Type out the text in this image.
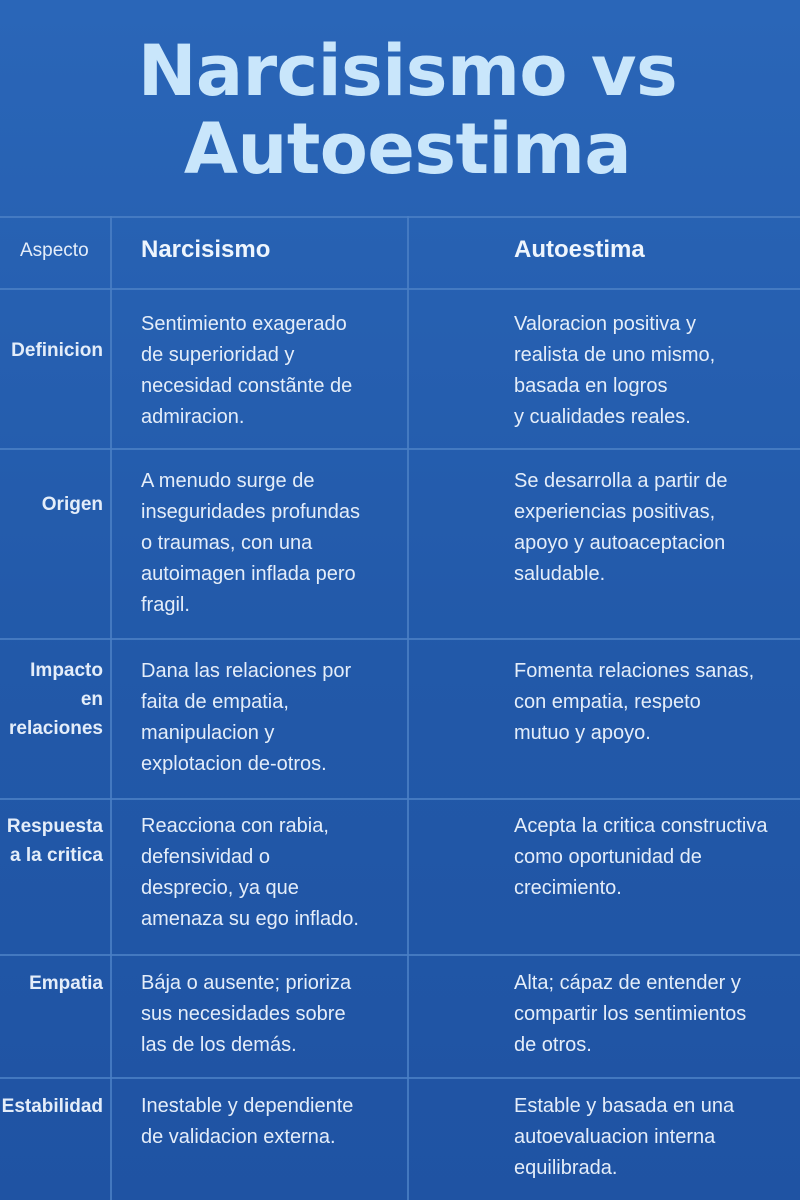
Narcisismo vs
Autoestima
Aspecto Narcisismo	Autoestima
Definicion
Sentimiento exagerado
de superioridad y
necesidad constãnte de
admiracion.
Valoracion positiva y
realista de uno mismo,
basada en logros
y cualidades reales.
Origen
A menudo surge de
inseguridades profundas
o traumas, con una
autoimagen inflada pero
fragil.
Se desarrolla a partir de
experiencias positivas,
apoyo y autoaceptacion
saludable.
Impacto
en
relaciones
Dana las relaciones por
faita de empatia,
manipulacion y
explotacion de-otros.
Fomenta relaciones sanas,
con empatia, respeto
mutuo y apoyo.
Respuesta
a la critica
Reacciona con rabia,
defensividad o
desprecio, ya que
amenaza su ego inflado.
Acepta la critica constructiva
como oportunidad de
crecimiento.
Empatia Bája o ausente; prioriza
sus necesidades sobre
las de los demás.
Alta; cápaz de entender y
compartir los sentimientos
de otros.
Estabilidad Inestable y dependiente
de validacion externa.
Estable y basada en una
autoevaluacion interna
equilibrada.
